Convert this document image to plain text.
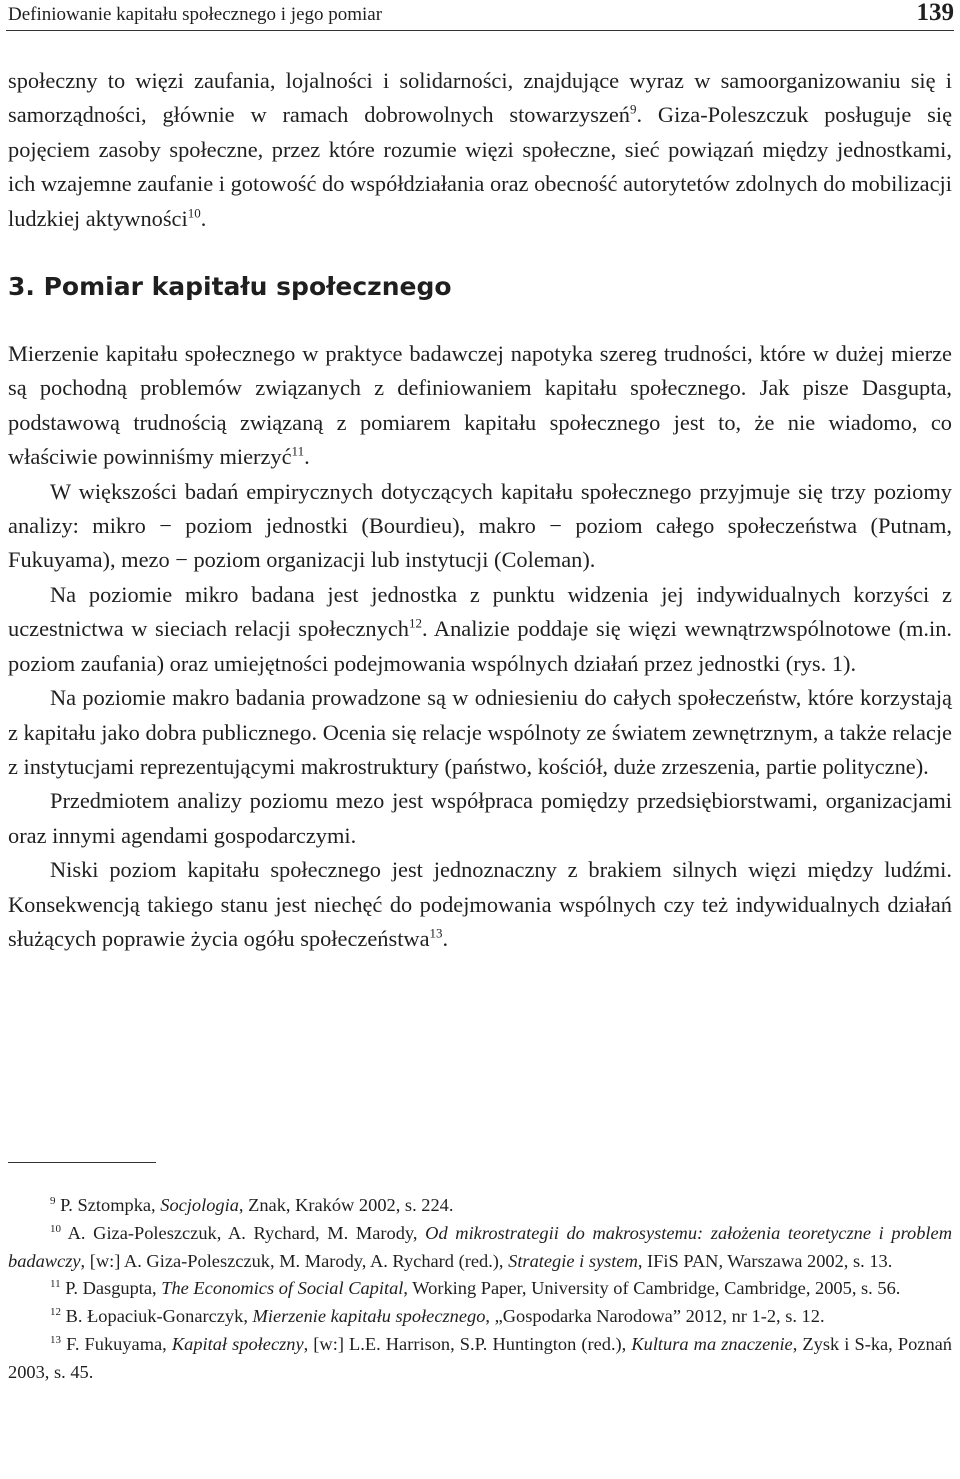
Definiowanie kapitału społecznego i jego pomiar	139

społeczny to więzi zaufania, lojalności i solidarności, znajdujące wyraz w samoorganizowaniu się i samorządności, głównie w ramach dobrowolnych stowarzyszeń$^9$. Giza-Poleszczuk posługuje się pojęciem zasoby społeczne, przez które rozumie więzi społeczne, sieć powiązań między jednostkami, ich wzajemne zaufanie i gotowość do współdziałania oraz obecność autorytetów zdolnych do mobilizacji ludzkiej aktywności$^{10}$.

3. Pomiar kapitału społecznego

Mierzenie kapitału społecznego w praktyce badawczej napotyka szereg trudności, które w dużej mierze są pochodną problemów związanych z definiowaniem kapitału społecznego. Jak pisze Dasgupta, podstawową trudnością związaną z pomiarem kapitału społecznego jest to, że nie wiadomo, co właściwie powinniśmy mierzyć$^{11}$.

W większości badań empirycznych dotyczących kapitału społecznego przyjmuje się trzy poziomy analizy: mikro − poziom jednostki (Bourdieu), makro − poziom całego społeczeństwa (Putnam, Fukuyama), mezo − poziom organizacji lub instytucji (Coleman).

Na poziomie mikro badana jest jednostka z punktu widzenia jej indywidualnych korzyści z uczestnictwa w sieciach relacji społecznych$^{12}$. Analizie poddaje się więzi wewnątrzwspólnotowe (m.in. poziom zaufania) oraz umiejętności podejmowania wspólnych działań przez jednostki (rys. 1).

Na poziomie makro badania prowadzone są w odniesieniu do całych społeczeństw, które korzystają z kapitału jako dobra publicznego. Ocenia się relacje wspólnoty ze światem zewnętrznym, a także relacje z instytucjami reprezentującymi makrostruktury (państwo, kościół, duże zrzeszenia, partie polityczne).

Przedmiotem analizy poziomu mezo jest współpraca pomiędzy przedsiębiorstwami, organizacjami oraz innymi agendami gospodarczymi.

Niski poziom kapitału społecznego jest jednoznaczny z brakiem silnych więzi między ludźmi. Konsekwencją takiego stanu jest niechęć do podejmowania wspólnych czy też indywidualnych działań służących poprawie życia ogółu społeczeństwa$^{13}$.

$^9$ P. Sztompka, Socjologia, Znak, Kraków 2002, s. 224.

$^{10}$ A. Giza-Poleszczuk, A. Rychard, M. Marody, Od mikrostrategii do makrosystemu: założenia teoretyczne i problem badawczy, [w:] A. Giza-Poleszczuk, M. Marody, A. Rychard (red.), Strategie i system, IFiS PAN, Warszawa 2002, s. 13.

$^{11}$ P. Dasgupta, The Economics of Social Capital, Working Paper, University of Cambridge, Cambridge, 2005, s. 56.

$^{12}$ B. Łopaciuk-Gonarczyk, Mierzenie kapitału społecznego, „Gospodarka Narodowa” 2012, nr 1-2, s. 12.

$^{13}$ F. Fukuyama, Kapitał społeczny, [w:] L.E. Harrison, S.P. Huntington (red.), Kultura ma znaczenie, Zysk i S-ka, Poznań 2003, s. 45.
